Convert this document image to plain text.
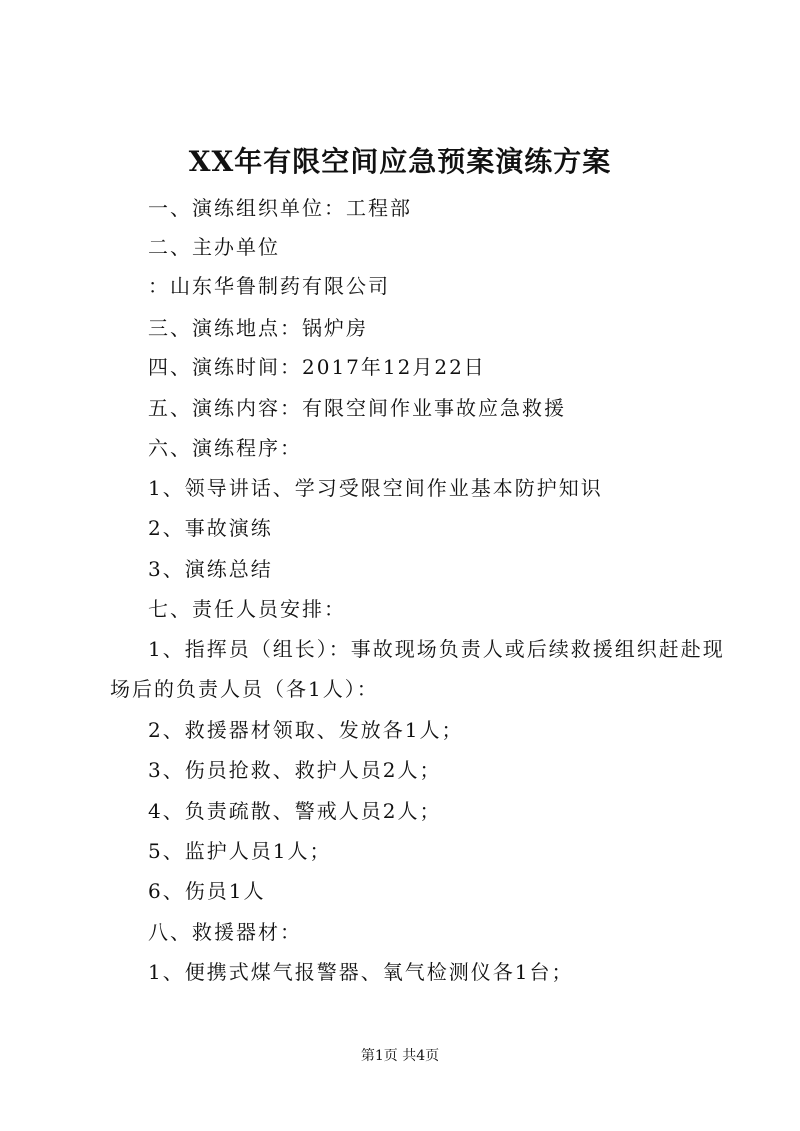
XX年有限空间应急预案演练方案
一、演练组织单位：工程部
二、主办单位
：山东华鲁制药有限公司
三、演练地点：锅炉房
四、演练时间：2017年12月22日
五、演练内容：有限空间作业事故应急救援
六、演练程序：
1、领导讲话、学习受限空间作业基本防护知识
2、事故演练
3、演练总结
七、责任人员安排：
1、指挥员（组长）：事故现场负责人或后续救援组织赶赴现
场后的负责人员（各1人）：
2、救援器材领取、发放各1人；
3、伤员抢救、救护人员2人；
4、负责疏散、警戒人员2人；
5、监护人员1人；
6、伤员1人
八、救援器材：
1、便携式煤气报警器、氧气检测仪各1台；
第1页 共4页
